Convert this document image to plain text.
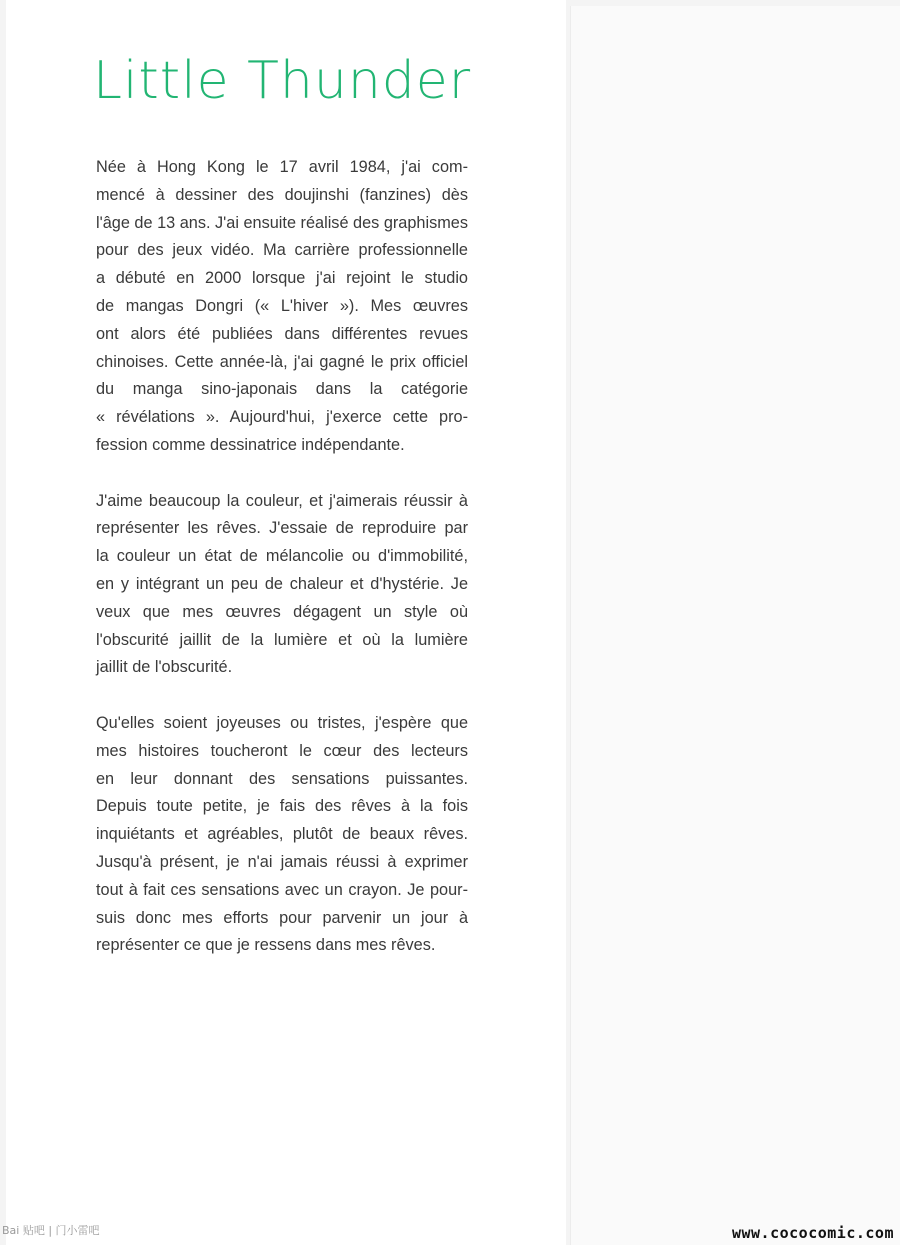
Little Thunder

Née à Hong Kong le 17 avril 1984, j'ai com-
mencé à dessiner des doujinshi (fanzines) dès
l'âge de 13 ans. J'ai ensuite réalisé des graphismes
pour des jeux vidéo. Ma carrière professionnelle
a débuté en 2000 lorsque j'ai rejoint le studio
de mangas Dongri (« L'hiver »). Mes œuvres
ont alors été publiées dans différentes revues
chinoises. Cette année-là, j'ai gagné le prix officiel
du manga sino-japonais dans la catégorie
« révélations ». Aujourd'hui, j'exerce cette pro-
fession comme dessinatrice indépendante.

J'aime beaucoup la couleur, et j'aimerais réussir à
représenter les rêves. J'essaie de reproduire par
la couleur un état de mélancolie ou d'immobilité,
en y intégrant un peu de chaleur et d'hystérie. Je
veux que mes œuvres dégagent un style où
l'obscurité jaillit de la lumière et où la lumière
jaillit de l'obscurité.

Qu'elles soient joyeuses ou tristes, j'espère que
mes histoires toucheront le cœur des lecteurs
en leur donnant des sensations puissantes.
Depuis toute petite, je fais des rêves à la fois
inquiétants et agréables, plutôt de beaux rêves.
Jusqu'à présent, je n'ai jamais réussi à exprimer
tout à fait ces sensations avec un crayon. Je pour-
suis donc mes efforts pour parvenir un jour à
représenter ce que je ressens dans mes rêves.

Bai 贴吧 | 门小雷吧	www.cococomic.com
